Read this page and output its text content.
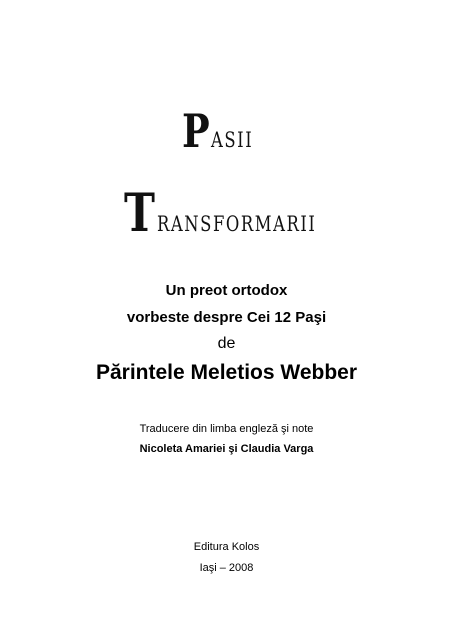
P ASII
T RANSFORMARII
Un preot ortodox
vorbeste despre Cei 12 Paşi
de
Părintele Meletios Webber
Traducere din limba engleză şi note
Nicoleta Amariei şi Claudia Varga
Editura Kolos
Iaşi – 2008
